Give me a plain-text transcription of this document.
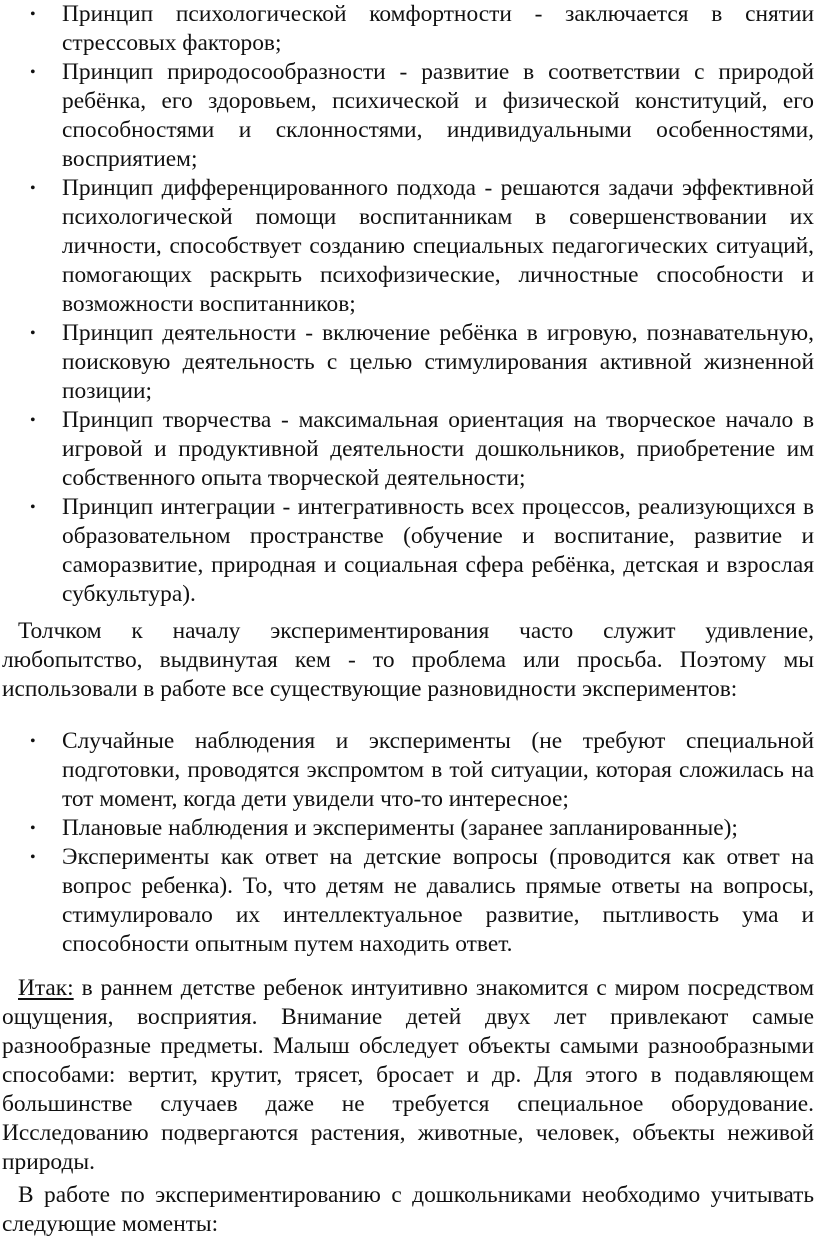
• Принцип психологической комфортности - заключается в снятии стрессовых факторов;
• Принцип природосообразности - развитие в соответствии с природой ребёнка, его здоровьем, психической и физической конституций, его способностями и склонностями, индивидуальными особенностями, восприятием;
• Принцип дифференцированного подхода - решаются задачи эффективной психологической помощи воспитанникам в совершенствовании их личности, способствует созданию специальных педагогических ситуаций, помогающих раскрыть психофизические, личностные способности и возможности воспитанников;
• Принцип деятельности - включение ребёнка в игровую, познавательную, поисковую деятельность с целью стимулирования активной жизненной позиции;
• Принцип творчества - максимальная ориентация на творческое начало в игровой и продуктивной деятельности дошкольников, приобретение им собственного опыта творческой деятельности;
• Принцип интеграции - интегративность всех процессов, реализующихся в образовательном пространстве (обучение и воспитание, развитие и саморазвитие, природная и социальная сфера ребёнка, детская и взрослая субкультура).

Толчком к началу экспериментирования часто служит удивление, любопытство, выдвинутая кем - то проблема или просьба. Поэтому мы использовали в работе все существующие разновидности экспериментов:

• Случайные наблюдения и эксперименты (не требуют специальной подготовки, проводятся экспромтом в той ситуации, которая сложилась на тот момент, когда дети увидели что-то интересное;
• Плановые наблюдения и эксперименты (заранее запланированные);
• Эксперименты как ответ на детские вопросы (проводится как ответ на вопрос ребенка). То, что детям не давались прямые ответы на вопросы, стимулировало их интеллектуальное развитие, пытливость ума и способности опытным путем находить ответ.

Итак: в раннем детстве ребенок интуитивно знакомится с миром посредством ощущения, восприятия. Внимание детей двух лет привлекают самые разнообразные предметы. Малыш обследует объекты самыми разнообразными способами: вертит, крутит, трясет, бросает и др. Для этого в подавляющем большинстве случаев даже не требуется специальное оборудование. Исследованию подвергаются растения, животные, человек, объекты неживой природы.

В работе по экспериментированию с дошкольниками необходимо учитывать следующие моменты:
